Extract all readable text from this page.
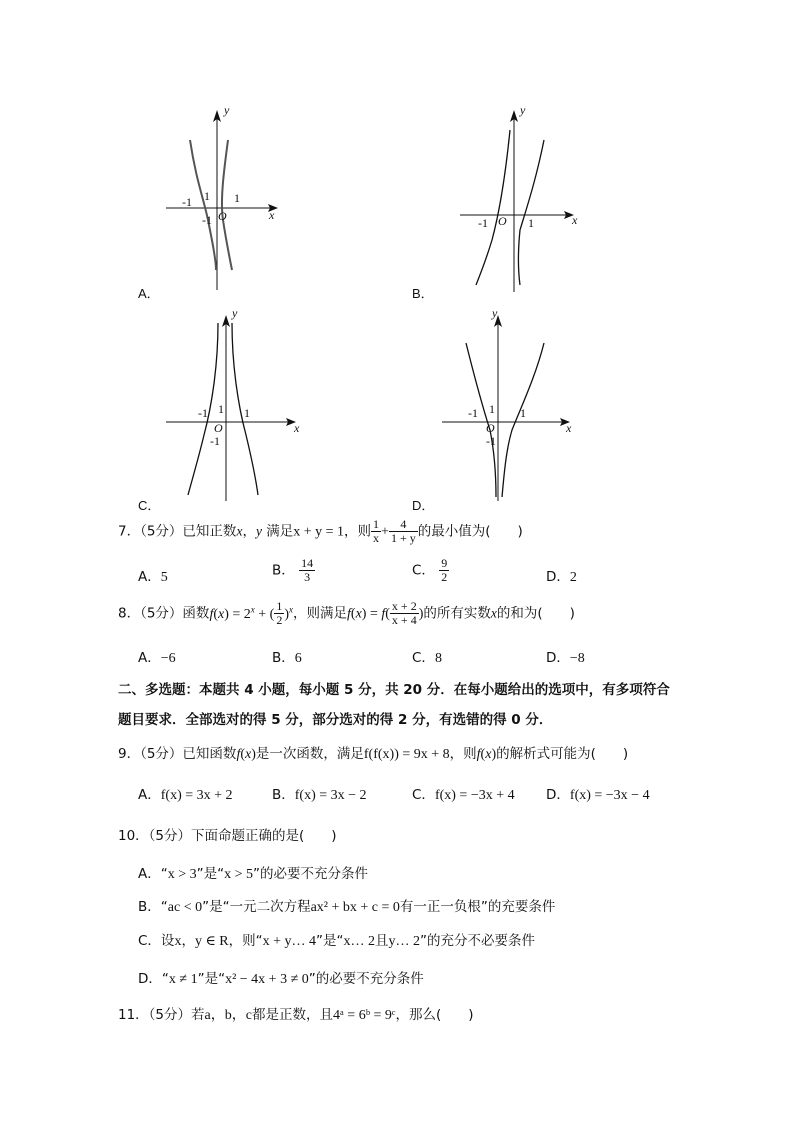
y
x
-1	1
1
-1 O
A．
y
x
-1	1
O
B．
y
x
-1	1
1
-1
O
C．
y
x
-1	1
1
-1
O
D．
7．（5分）已知正数x，y 满足x + y = 1，则 $\frac{1}{x} + \frac{4}{1 + y}$ 的最小值为(　　)
A．5	B． $\frac{14}{3}$	C． $\frac{9}{2}$	D．2
8．（5分）函数$f(x) = 2^x$ + ( $\frac{1}{2} )^x$，则满足$f(x) = f( \frac{x + 2}{x + 4}$ )的所有实数x的和为(　　)
A．−6	B．6	C．8	D．−8
二、多选题：本题共 4 小题，每小题 5 分，共 20 分．在每小题给出的选项中，有多项符合
题目要求．全部选对的得 5 分，部分选对的得 2 分，有选错的得 0 分．
9．（5分）已知函数f(x)是一次函数，满足f(f(x)) = 9x + 8，则f(x)的解析式可能为(　　)
A．f(x) = 3x + 2	B．f(x) = 3x − 2	C．f(x) = −3x + 4 D．f(x) = −3x − 4
10．（5分）下面命题正确的是(　　)
A．“x > 3”是“x > 5”的必要不充分条件
B．“ac < 0”是“一元二次方程ax² + bx + c = 0有一正一负根”的充要条件
C．设x，y ∈ R，则“x + y… 4”是“x… 2且y… 2”的充分不必要条件
D．“x ≠ 1”是“x² − 4x + 3 ≠ 0”的必要不充分条件
11．（5分）若a，b，c都是正数，且4ᵃ = 6ᵇ = 9ᶜ，那么(　　)
